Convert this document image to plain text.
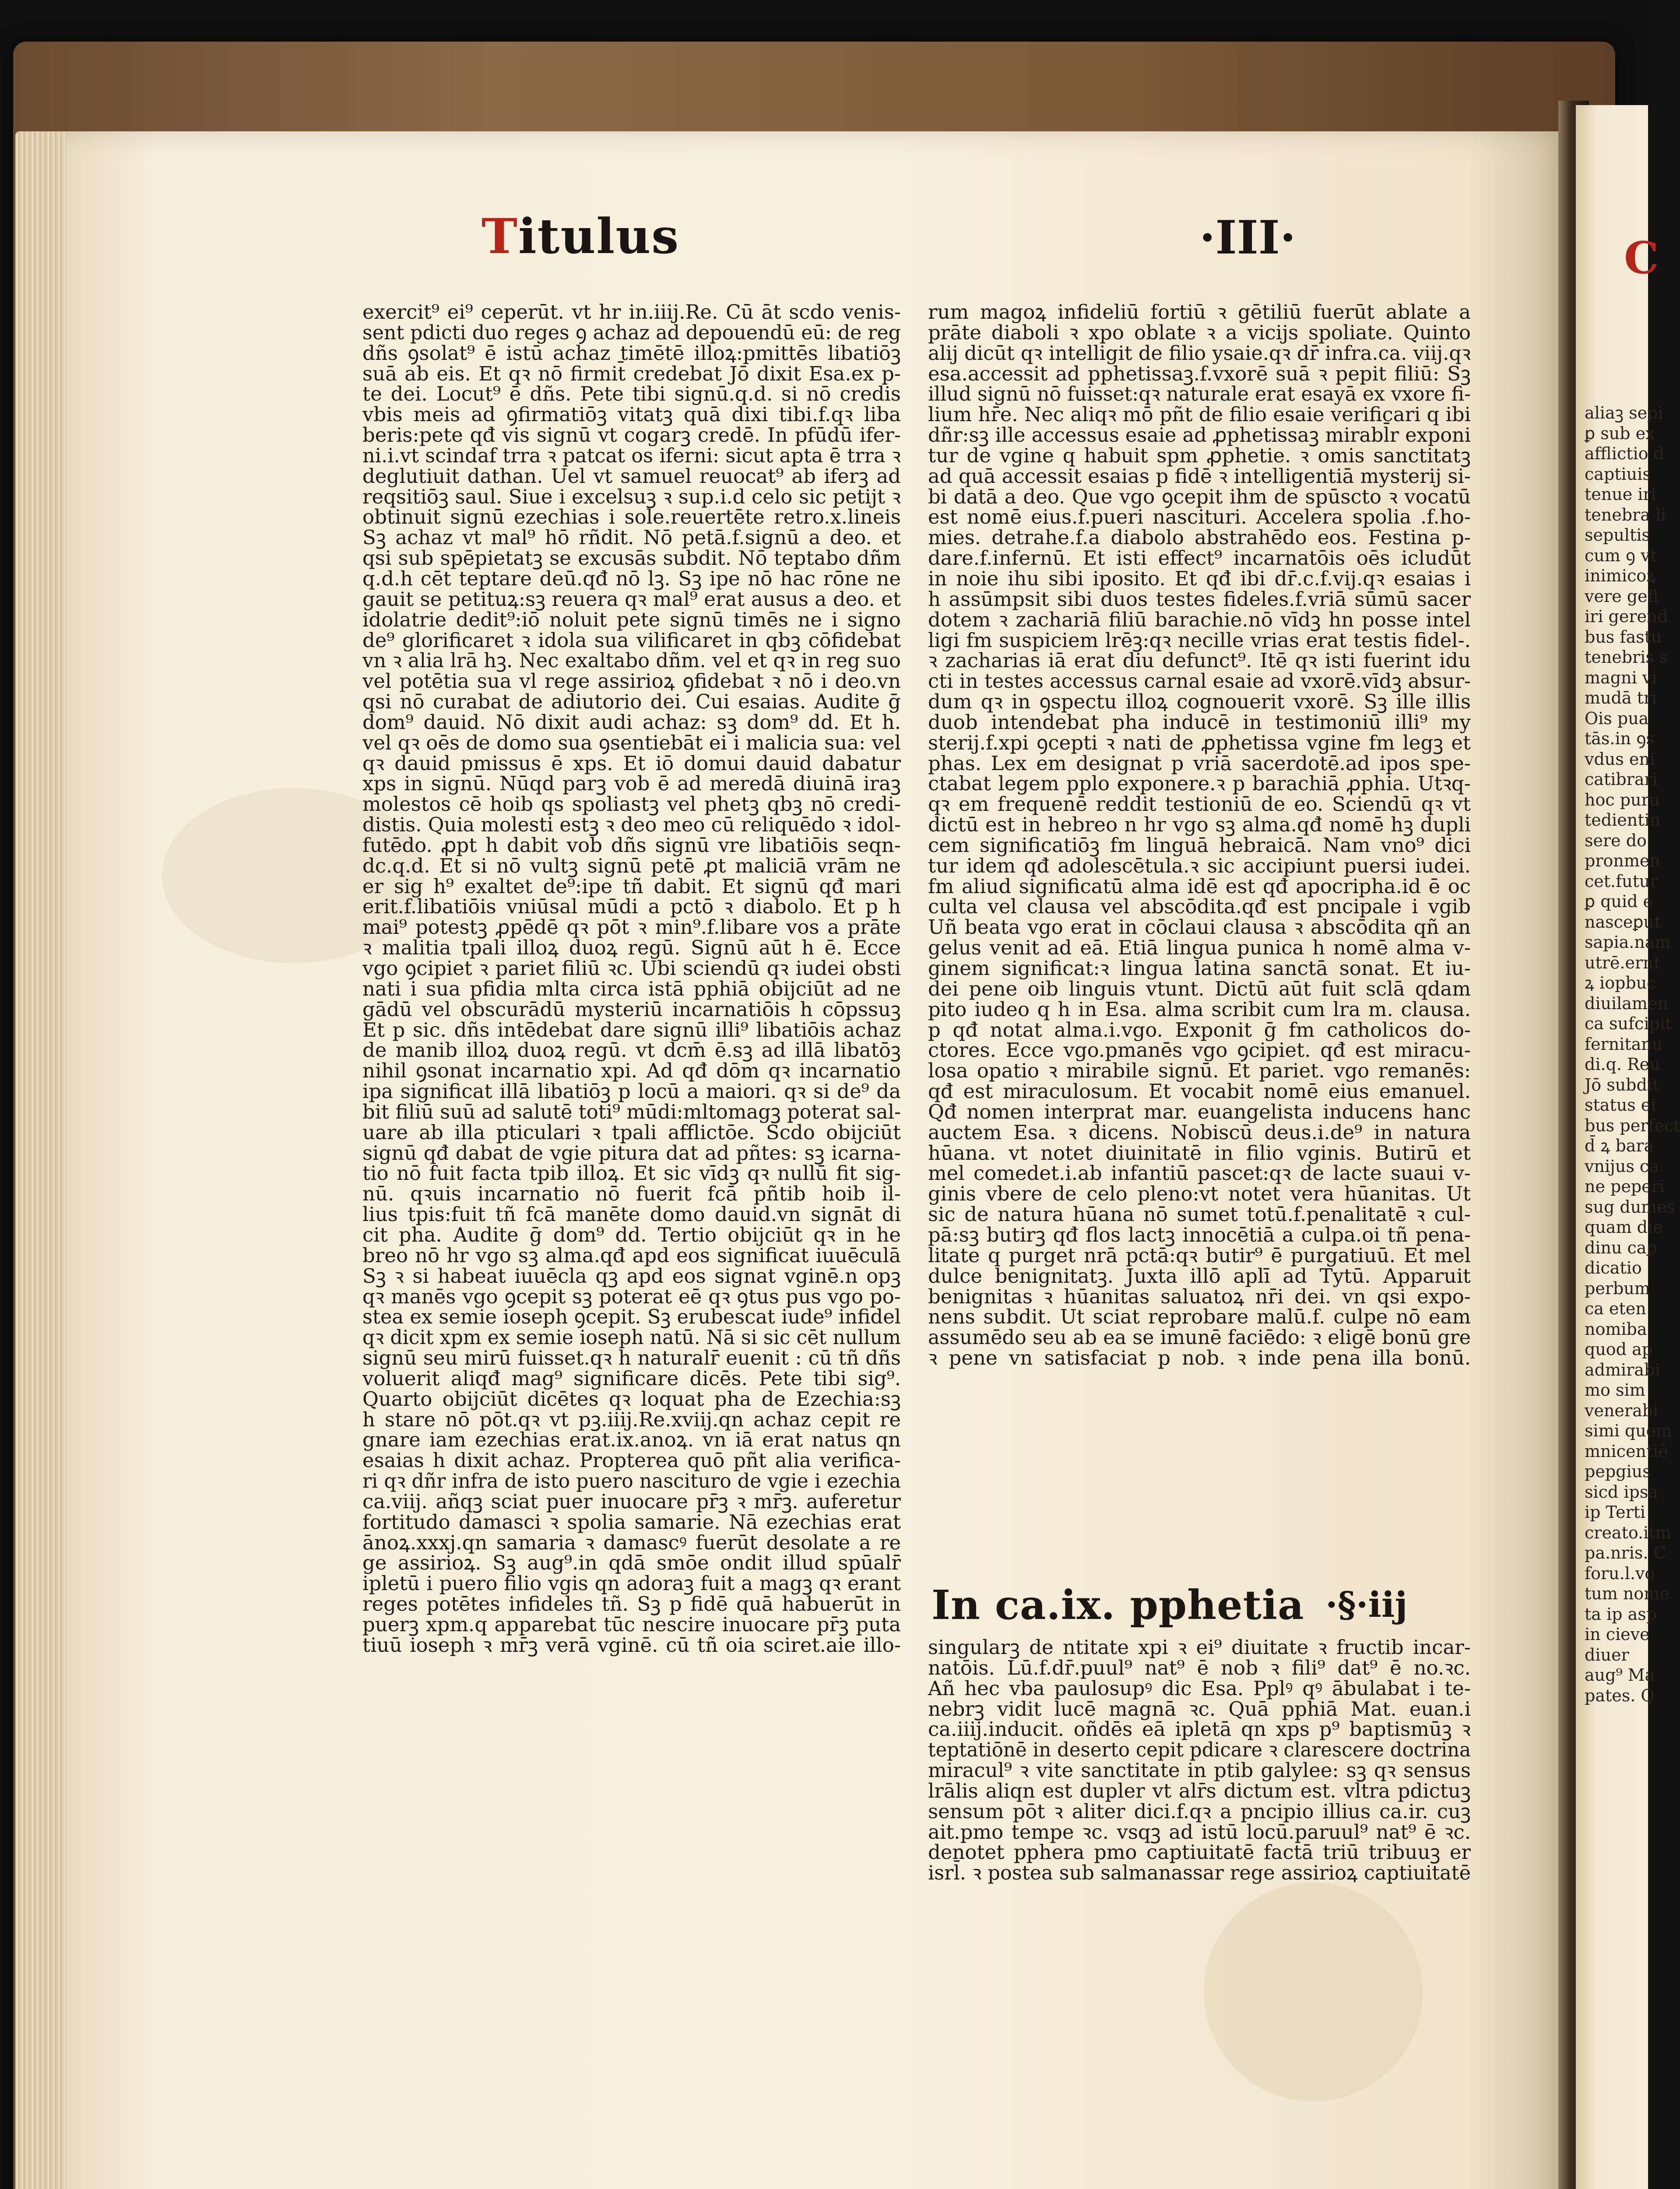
C
aliaꝫ sepi
ꝑ sub ex
afflictio d
captiuis
tenue iri
tenebra li
sepultis
cum ꝯ vt
inimicoꝝ
vere gefl
iri gerend
bus fastu
tenebris s
magni vi
mudā tri
Ois pua
tās.in ꝯs
vdus eni
catibrari
hoc puru
tedientin
sere do
pronmen
cet.futur
ꝑ quid e
nasceꝑut
sapia.nam
utrē.ernt
ꝝ iopbuc
diuilamen
ca sufcipit
fernitanu
di.q. Reu
Jō subdit
status ei
bus perfect
d̄ ꝝ bara
vnijus ca
ne peperi
sug dumes
quam die
dinu caꝑ
dicatio
perbum
ca eten
nomiba
quod ap
admirabi
mo sim
venerabi
simi quem
mnicentiē
pepgius
sicd ipsa
ip Terti
creato.itm
pa.nris. C
foru.l.vo
tum nome
ta ip asp
in cieve
diuer
aug⁹ Ma
pates. Q
Titulus	·III·
exercit⁹ ei⁹ ceperūt. vt hr in.iiij.Re. Cū āt scdo venis‑
sent pdicti duo reges ꝯ achaz ad depouendū eū: de reg
dñs ꝯsolat⁹ ē istū achaz timētē illoꝝ:pmittēs libatiōꝫ
suā ab eis. Et qꝛ nō firmit̄ credebat Jō dixit Esa.ex p‑
te dei. Locut⁹ ē dñs. Pete tibi signū.q.d. si nō credis
vbis meis ad ꝯfirmatiōꝫ vitatꝫ quā dixi tibi.f.qꝛ liba
beris:pete qđ vis signū vt cogarꝫ credē. In pfūdū ifer‑
ni.i.vt scindaf trra ꝛ patcat os iferni: sicut apta ē trra ꝛ
deglutiuit dathan. Uel vt samuel reuocat⁹ ab iferꝫ ad
reqsitiōꝫ saul. Siue i excelsuꝫ ꝛ sup.i.d celo sic petijt ꝛ
obtinuit signū ezechias i sole.reuertēte retro.x.lineis
Sꝫ achaz vt mal⁹ hō rñdit. Nō petā.f.signū a deo. et
qsi sub spēpietatꝫ se excusās subdit. Nō teptabo dñm
q.d.h cēt teptare deū.qđ nō lꝫ. Sꝫ ipe nō hac rōne ne
gauit se petituꝝ:sꝫ reuera qꝛ mal⁹ erat ausus a deo. et
idolatrie dedit⁹:iō noluit pete signū timēs ne i signo
de⁹ glorificaret ꝛ idola sua vilificaret in qbꝫ cōfidebat
vn ꝛ alia lrā hꝫ. Nec exaltabo dñm. vel et qꝛ in reg suo
vel potētia sua vl rege assirioꝝ ꝯfidebat ꝛ nō i deo.vn
qsi nō curabat de adiutorio dei. Cui esaias. Audite ḡ
dom⁹ dauid. Nō dixit audi achaz: sꝫ dom⁹ dd. Et h.
vel qꝛ oēs de domo sua ꝯsentiebāt ei i malicia sua: vel
qꝛ dauid pmissus ē xps. Et iō domui dauid dabatur
xps in signū. Nūqd parꝫ vob ē ad meredā diuinā iraꝫ
molestos cē hoib qs spoliastꝫ vel phetꝫ qbꝫ nō credi‑
distis. Quia molesti estꝫ ꝛ deo meo cū reliquēdo ꝛ idol‑
futēdo. ꝓpt h dabit vob dñs signū vre libatiōis seqn‑
dc.q.d. Et si nō vultꝫ signū petē ꝓt maliciā vrām ne
er sig h⁹ exaltet de⁹:ipe tñ dabit. Et signū qđ mari
erit.f.libatiōis vniūsal mūdi a pctō ꝛ diabolo. Et p h
mai⁹ potestꝫ ꝓpēdē qꝛ pōt ꝛ min⁹.f.libare vos a prāte
ꝛ malitia tpali illoꝝ duoꝝ regū. Signū aūt h ē. Ecce
vgo ꝯcipiet ꝛ pariet filiū ꝛc. Ubi sciendū qꝛ iudei obsti
nati i sua pfidia mlta circa istā pphiā obijciūt ad ne
gādū vel obscurādū mysteriū incarnatiōis h cōpssuꝫ
Et p sic. dñs intēdebat dare signū illi⁹ libatiōis achaz
de manib illoꝝ duoꝝ regū. vt dcm̄ ē.sꝫ ad illā libatōꝫ
nihil ꝯsonat incarnatio xpi. Ad qđ dōm qꝛ incarnatio
ipa significat illā libatiōꝫ p locū a maiori. qꝛ si de⁹ da
bit filiū suū ad salutē toti⁹ mūdi:mltomagꝫ poterat sal‑
uare ab illa pticulari ꝛ tpali afflictōe. Scdo obijciūt
signū qđ dabat de vgie pitura dat ad pñtes: sꝫ icarna‑
tio nō fuit facta tpib illoꝝ. Et sic vīdꝫ qꝛ nullū fit sig‑
nū. qꝛuis incarnatio nō fuerit fcā pñtib hoib il‑
lius tpis:fuit tñ fcā manēte domo dauid.vn signāt di
cit pha. Audite ḡ dom⁹ dd. Tertio obijciūt qꝛ in he
breo nō hr vgo sꝫ alma.qđ apd eos significat iuuēculā
Sꝫ ꝛ si habeat iuuēcla qꝫ apd eos signat vginē.n opꝫ
qꝛ manēs vgo ꝯcepit sꝫ poterat eē qꝛ ꝯtus pus vgo po‑
stea ex semie ioseph ꝯcepit. Sꝫ erubescat iude⁹ infidel
qꝛ dicit xpm ex semie ioseph natū. Nā si sic cēt nullum
signū seu mirū fuisset.qꝛ h naturalr̄ euenit : cū tñ dñs
voluerit aliqđ mag⁹ significare dicēs. Pete tibi sig⁹.
Quarto obijciūt dicētes qꝛ loquat pha de Ezechia:sꝫ
h stare nō pōt.qꝛ vt pꝫ.iiij.Re.xviij.qn achaz cepit re
gnare iam ezechias erat.ix.anoꝝ. vn iā erat natus qn
esaias h dixit achaz. Propterea quō pñt alia verifica‑
ri qꝛ dñr infra de isto puero nascituro de vgie i ezechia
ca.viij. añqꝫ sciat puer inuocare pr̄ꝫ ꝛ mr̄ꝫ. auferetur
fortitudo damasci ꝛ spolia samarie. Nā ezechias erat
ānoꝝ.xxxj.qn samaria ꝛ damascꝰ fuerūt desolate a re
ge assirioꝝ. Sꝫ aug⁹.in qdā smōe ondit illud spūalr̄
ipletū i puero filio vgis qn adoraꝫ fuit a magꝫ qꝛ erant
reges potētes infideles tñ. Sꝫ p fidē quā habuerūt in
puerꝫ xpm.q apparebat tūc nescire inuocare pr̄ꝫ puta
tiuū ioseph ꝛ mr̄ꝫ verā vginē. cū tñ oia sciret.aie illo‑
rum magoꝝ infideliū fortiū ꝛ gētiliū fuerūt ablate a
prāte diaboli ꝛ xpo oblate ꝛ a vicijs spoliate. Quinto
alij dicūt qꝛ intelligit de filio ysaie.qꝛ dr̄ infra.ca. viij.qꝛ
esa.accessit ad pphetissaꝫ.f.vxorē suā ꝛ pepit filiū: Sꝫ
illud signū nō fuisset:qꝛ naturale erat esayā ex vxore fi‑
lium hr̄e. Nec aliqꝛ mō pñt de filio esaie verificari q ibi
dñr:sꝫ ille accessus esaie ad ꝓphetissaꝫ mirabl̄r exponi
tur de vgine q habuit spm ꝓphetie. ꝛ omis sanctitatꝫ
ad quā accessit esaias p fidē ꝛ intelligentiā mysterij si‑
bi datā a deo. Que vgo ꝯcepit ihm de spūscto ꝛ vocatū
est nomē eius.f.pueri nascituri. Accelera spolia .f.ho‑
mies. detrahe.f.a diabolo abstrahēdo eos. Festina p‑
dare.f.infernū. Et isti effect⁹ incarnatōis oēs icludūt
in noie ihu sibi iposito. Et qđ ibi dr̄.c.f.vij.qꝛ esaias i
h assūmpsit sibi duos testes fideles.f.vriā sūmū sacer
dotem ꝛ zachariā filiū barachie.nō vīdꝫ hn posse intel
ligi fm suspiciem lrēꝫ:qꝛ necille vrias erat testis fidel‑.
ꝛ zacharias iā erat diu defunct⁹. Itē qꝛ isti fuerint idu
cti in testes accessus carnal esaie ad vxorē.vīdꝫ absur‑
dum qꝛ in ꝯspectu illoꝝ cognouerit vxorē. Sꝫ ille illis
duob intendebat pha inducē in testimoniū illi⁹ my
sterij.f.xpi ꝯcepti ꝛ nati de ꝓphetissa vgine fm legꝫ et
phas. Lex em designat p vriā sacerdotē.ad ipos spe‑
ctabat legem pplo exponere.ꝛ p barachiā ꝓphia. Utꝛq‑
qꝛ em frequenē reddit testioniū de eo. Sciendū qꝛ vt
dictū est in hebreo n hr vgo sꝫ alma.qđ nomē hꝫ dupli
cem significatiōꝫ fm linguā hebraicā. Nam vno⁹ dici
tur idem qđ adolescētula.ꝛ sic accipiunt puersi iudei.
fm aliud significatū alma idē est qđ apocripha.id ē oc
culta vel clausa vel abscōdita.qđ est pncipale i vgib
Uñ beata vgo erat in cōclaui clausa ꝛ abscōdita qñ an
gelus venit ad eā. Etiā lingua punica h nomē alma v‑
ginem significat:ꝛ lingua latina sanctā sonat. Et iu‑
dei pene oib linguis vtunt. Dictū aūt fuit sclā qdam
pito iudeo q h in Esa. alma scribit cum lra m. clausa.
p qđ notat alma.i.vgo. Exponit ḡ fm catholicos do‑
ctores. Ecce vgo.pmanēs vgo ꝯcipiet. qđ est miracu‑
losa opatio ꝛ mirabile signū. Et pariet. vgo remanēs:
qđ est miraculosum. Et vocabit nomē eius emanuel.
Qđ nomen interprat mar. euangelista inducens hanc
auctem Esa. ꝛ dicens. Nobiscū deus.i.de⁹ in natura
hūana. vt notet diuinitatē in filio vginis. Butirū et
mel comedet.i.ab infantiū pascet:qꝛ de lacte suaui v‑
ginis vbere de celo pleno:vt notet vera hūanitas. Ut
sic de natura hūana nō sumet totū.f.penalitatē ꝛ cul‑
pā:sꝫ butirꝫ qđ flos lactꝫ innocētiā a culpa.oi tñ pena‑
litate q purget nrā pctā:qꝛ butir⁹ ē purgatiuū. Et mel
dulce benignitatꝫ. Juxta illō aplī ad Tytū. Apparuit
benignitas ꝛ hūanitas saluatoꝝ nr̄i dei. vn qsi expo‑
nens subdit. Ut sciat reprobare malū.f. culpe nō eam
assumēdo seu ab ea se imunē faciēdo: ꝛ eligē bonū gre
ꝛ pene vn satisfaciat p nob. ꝛ inde pena illa bonū.
In ca.ix. pphetia ·§·iij
singularꝫ de ntitate xpi ꝛ ei⁹ diuitate ꝛ fructib incar‑
natōis. Lū.f.dr̄.puul⁹ nat⁹ ē nob ꝛ fili⁹ dat⁹ ē no.ꝛc.
Añ hec vba paulosupꝰ dic Esa. Pplꝰ qꝰ ābulabat i te‑
nebrꝫ vidit lucē magnā ꝛc. Quā pphiā Mat. euan.i
ca.iiij.inducit. oñdēs eā ipletā qn xps p⁹ baptismūꝫ ꝛ
teptatiōnē in deserto cepit pdicare ꝛ clarescere doctrina
miracul⁹ ꝛ vite sanctitate in ptib galylee: sꝫ qꝛ sensus
lrālis aliqn est dupler vt alr̄s dictum est. vltra pdictuꝫ
sensum pōt ꝛ aliter dici.f.qꝛ a pncipio illius ca.ir. cuꝫ
ait.pmo tempe ꝛc. vsqꝫ ad istū locū.paruul⁹ nat⁹ ē ꝛc.
denotet pphera pmo captiuitatē factā triū tribuuꝫ er
isrl̄. ꝛ postea sub salmanassar rege assirioꝝ captiuitatē
